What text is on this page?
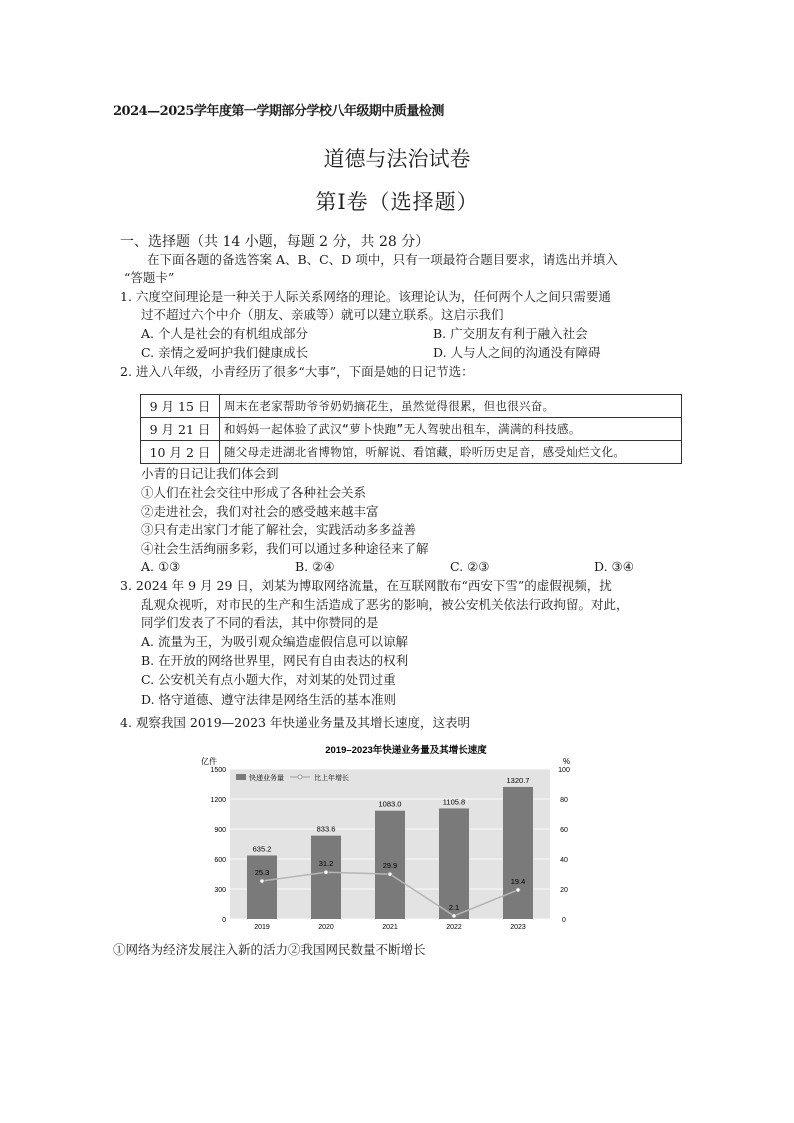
2024—2025学年度第一学期部分学校八年级期中质量检测
道德与法治试卷
第Ⅰ卷（选择题）
一、选择题（共 14 小题，每题 2 分，共 28 分）
在下面各题的备选答案 A、B、C、D 项中，只有一项最符合题目要求，请选出并填入
“答题卡”
1. 六度空间理论是一种关于人际关系网络的理论。该理论认为，任何两个人之间只需要通
过不超过六个中介（朋友、亲戚等）就可以建立联系。这启示我们
A. 个人是社会的有机组成部分	B. 广交朋友有利于融入社会
C. 亲情之爱呵护我们健康成长	D. 人与人之间的沟通没有障碍
2. 进入八年级，小青经历了很多“大事”，下面是她的日记节选：
9 月 15 日	周末在老家帮助爷爷奶奶摘花生，虽然觉得很累，但也很兴奋。
9 月 21 日	和妈妈一起体验了武汉“萝卜快跑”无人驾驶出租车，满满的科技感。
10 月 2 日	随父母走进湖北省博物馆，听解说、看馆藏，聆听历史足音，感受灿烂文化。
小青的日记让我们体会到
①人们在社会交往中形成了各种社会关系
②走进社会，我们对社会的感受越来越丰富
③只有走出家门才能了解社会，实践活动多多益善
④社会生活绚丽多彩，我们可以通过多种途径来了解
A. ①③	B. ②④	C. ②③	D. ③④
3. 2024 年 9 月 29 日，刘某为博取网络流量，在互联网散布“西安下雪”的虚假视频，扰
乱观众视听，对市民的生产和生活造成了恶劣的影响，被公安机关依法行政拘留。对此，
同学们发表了不同的看法，其中你赞同的是
A. 流量为王，为吸引观众编造虚假信息可以谅解
B. 在开放的网络世界里，网民有自由表达的权利
C. 公安机关有点小题大作，对刘某的处罚过重
D. 恪守道德、遵守法律是网络生活的基本准则
4. 观察我国 2019—2023 年快递业务量及其增长速度，这表明
2019–2023年快递业务量及其增长速度
亿件	%
635.2
833.6
1083.0	1105.8
1320.7
25.3
31.2	29.9
2.1
19.4
0
300
600
900
1200
1500
0
20
40
60
80
100
2019	2020	2021	2022	2023
快递业务量	比上年增长
①网络为经济发展注入新的活力②我国网民数量不断增长
